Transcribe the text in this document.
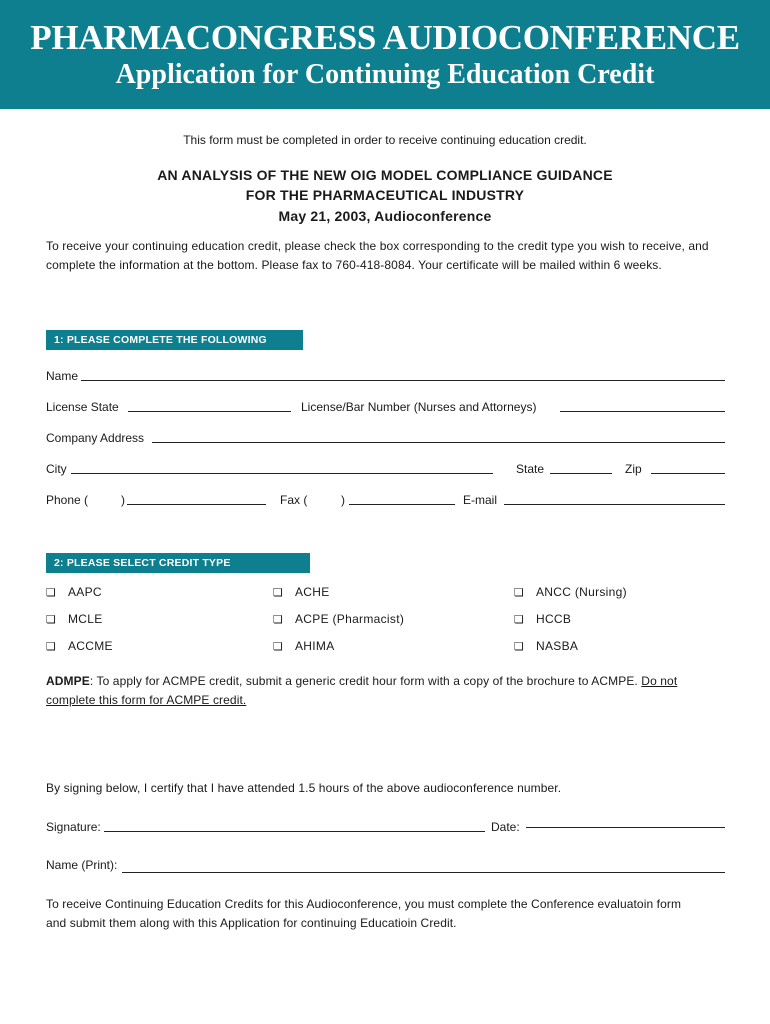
PHARMACONGRESS AUDIOCONFERENCE
Application for Continuing Education Credit
This form must be completed in order to receive continuing education credit.
AN ANALYSIS OF THE NEW OIG MODEL COMPLIANCE GUIDANCE
FOR THE PHARMACEUTICAL INDUSTRY
May 21, 2003, Audioconference
To receive your continuing education credit, please check the box corresponding to the credit type you wish to receive, and
complete the information at the bottom. Please fax to 760-418-8084. Your certificate will be mailed within 6 weeks.
1: PLEASE COMPLETE THE FOLLOWING
Name
License State	License/Bar Number (Nurses and Attorneys)
Company Address
City	State	Zip
Phone (	)	Fax (	)	E-mail
2: PLEASE SELECT CREDIT TYPE
❏ AAPC	❏ ACHE	❏ ANCC (Nursing)
❏ MCLE	❏ ACPE (Pharmacist)	❏ HCCB
❏ ACCME	❏ AHIMA	❏ NASBA
ADMPE: To apply for ACMPE credit, submit a generic credit hour form with a copy of the brochure to ACMPE. Do not
complete this form for ACMPE credit.
By signing below, I certify that I have attended 1.5 hours of the above audioconference number.
Signature:	Date:
Name (Print):
To receive Continuing Education Credits for this Audioconference, you must complete the Conference evaluatoin form
and submit them along with this Application for continuing Educatioin Credit.
